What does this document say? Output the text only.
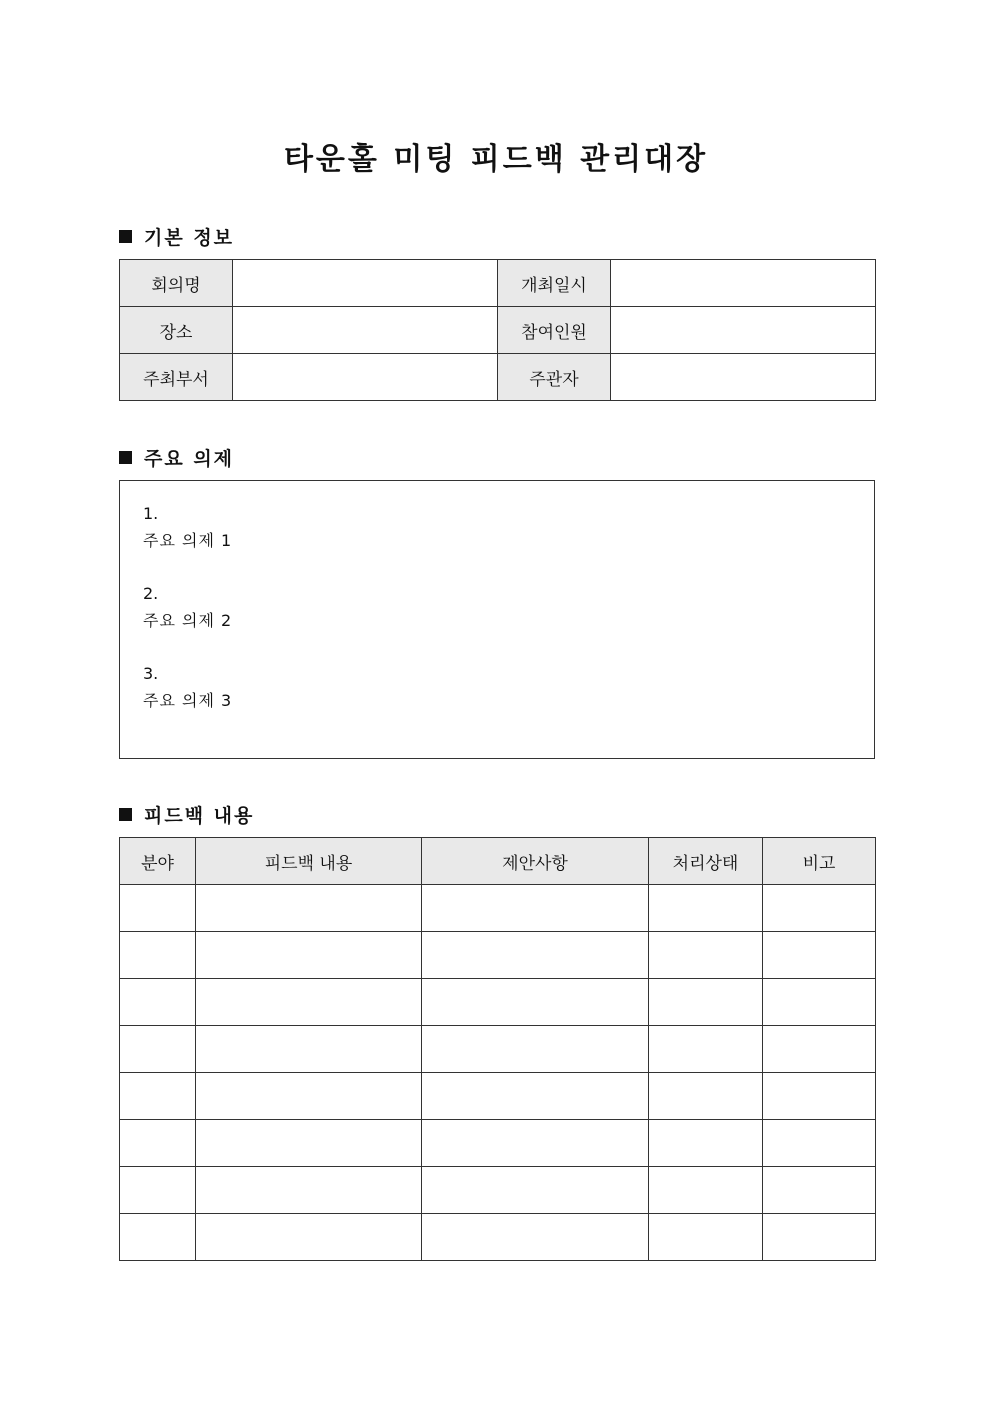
타운홀 미팅 피드백 관리대장
기본 정보
회의명		개최일시	
장소		참여인원	
주최부서		주관자	
주요 의제
1.
주요 의제 1
2.
주요 의제 2
3.
주요 의제 3
피드백 내용
분야	피드백 내용	제안사항	처리상태	비고
